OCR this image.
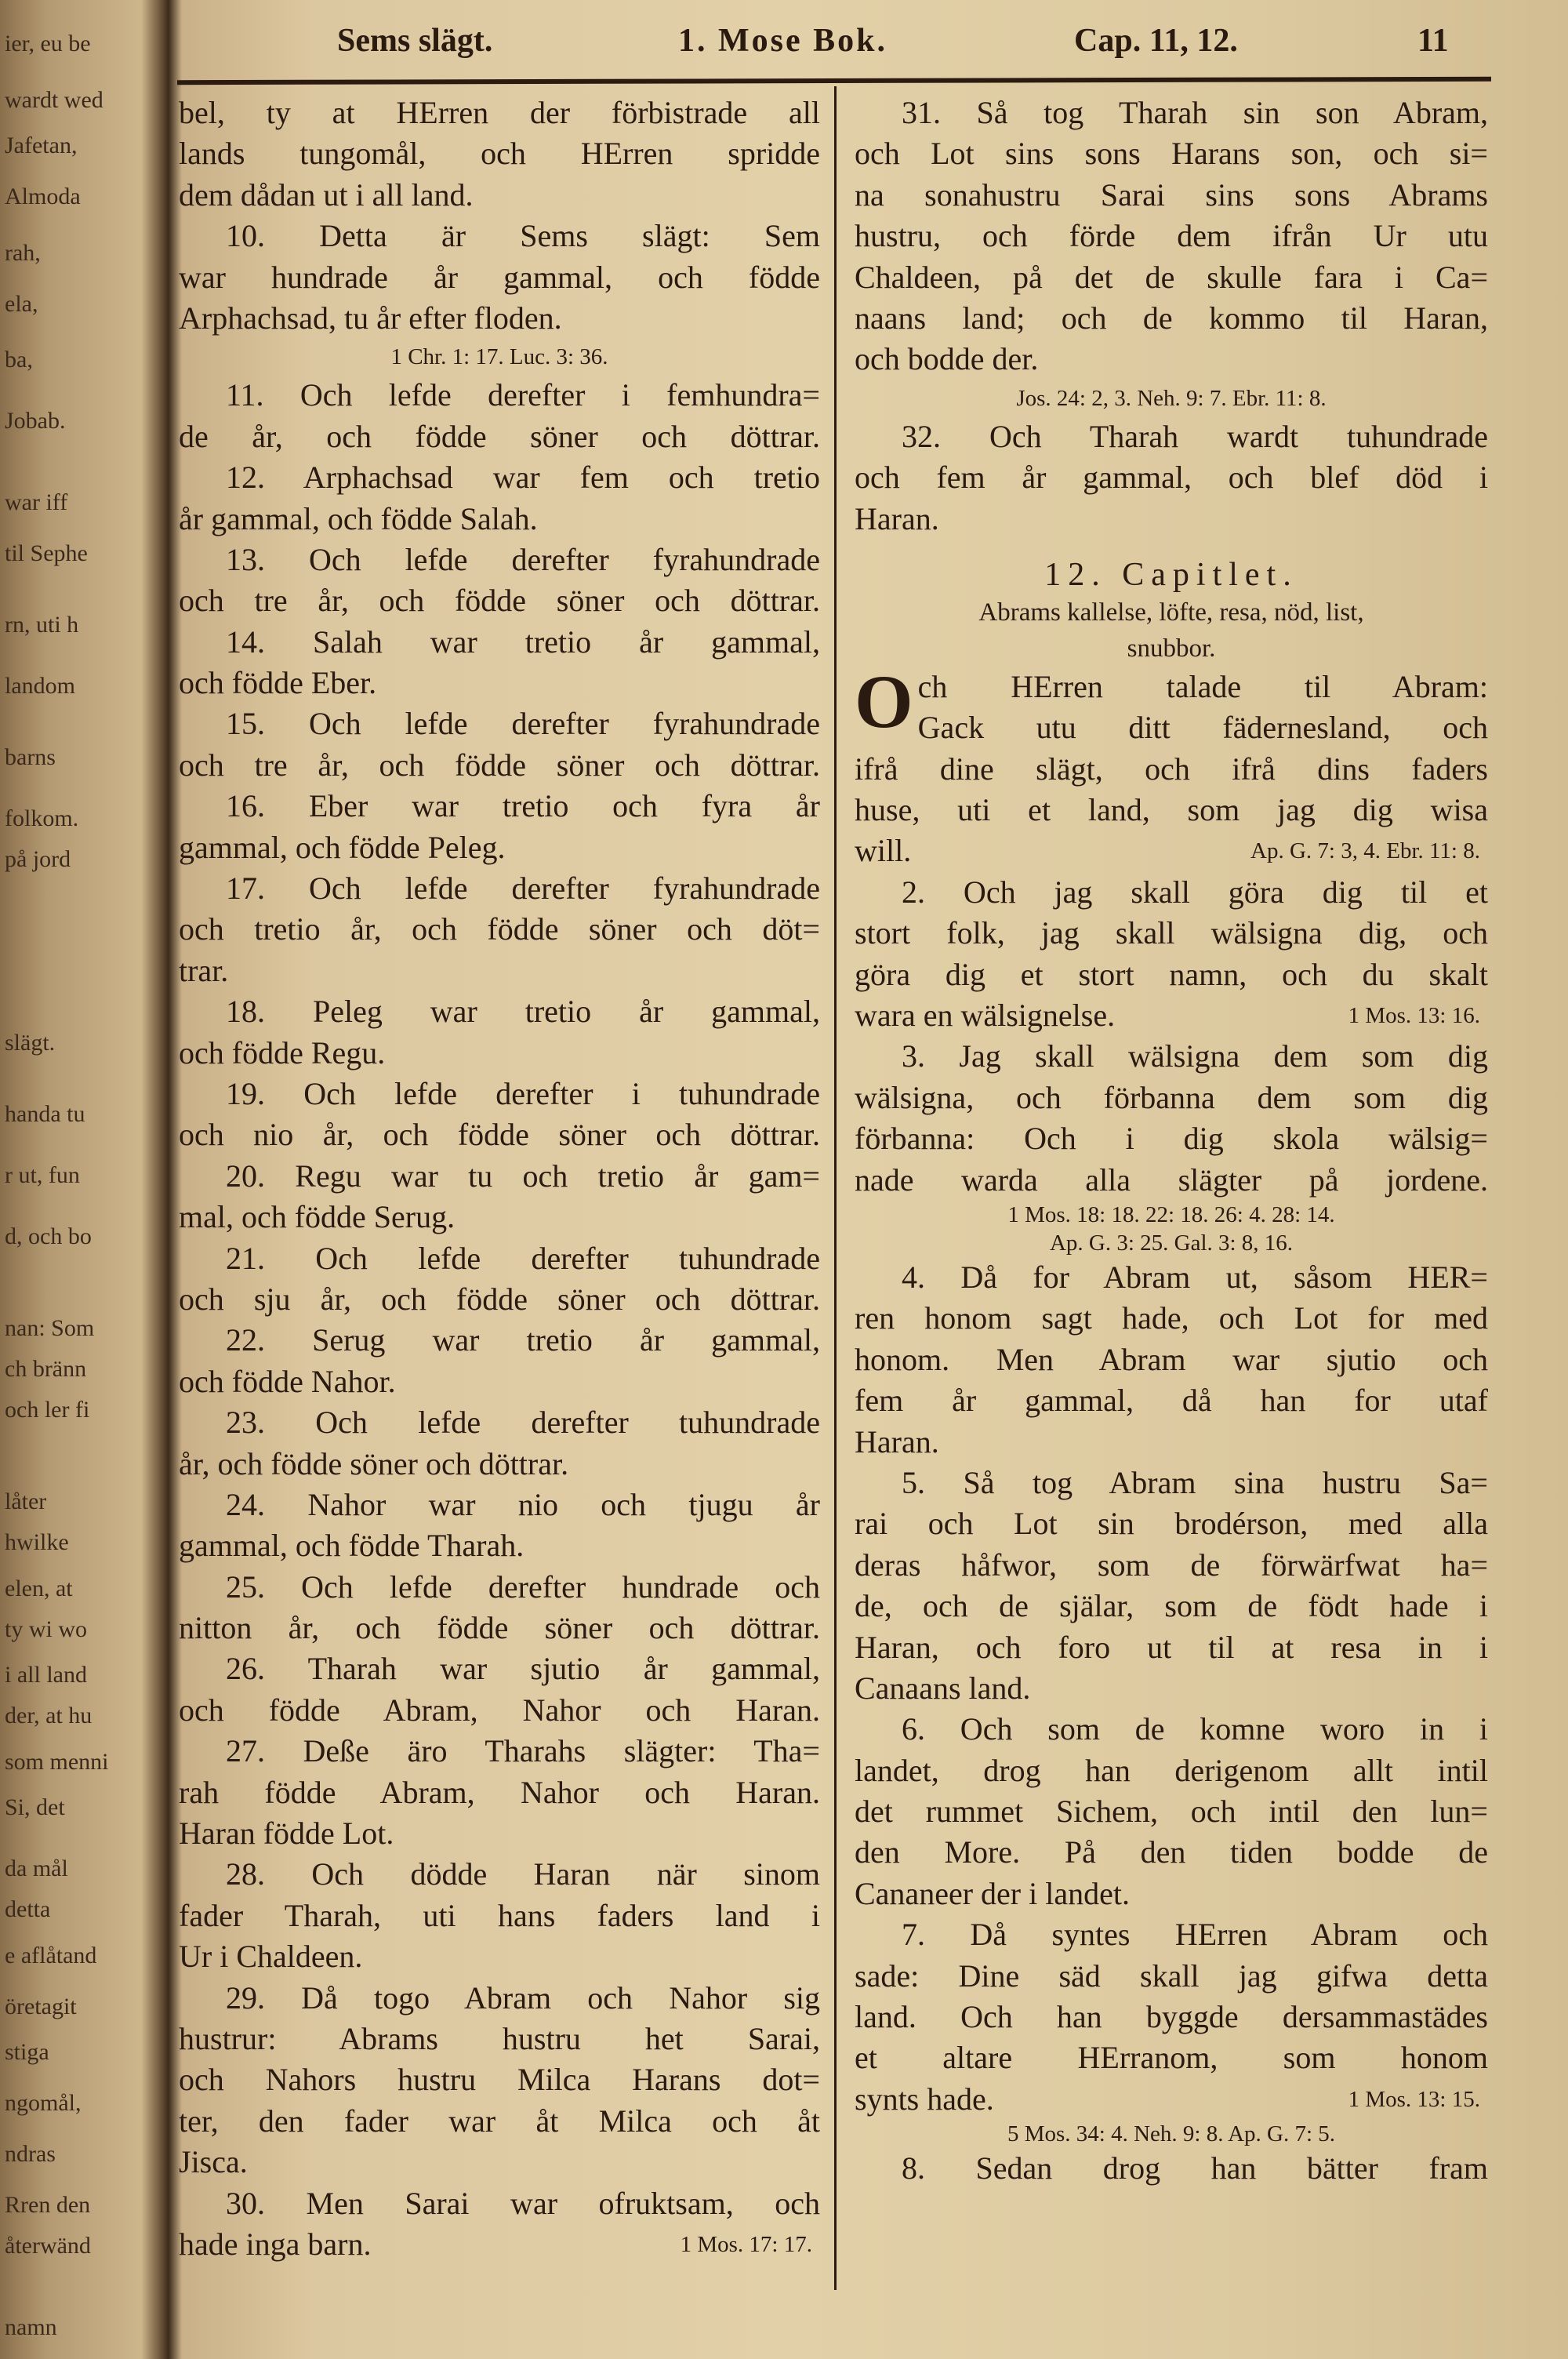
Sems slägt.	1. Mose Bok.	Cap. 11, 12.	11
bel, ty at HErren der förbistrade all
lands tungomål, och HErren spridde
dem dådan ut i all land.
10. Detta är Sems slägt: Sem
war hundrade år gammal, och födde
Arphachsad, tu år efter floden.
1 Chr. 1: 17. Luc. 3: 36.
11. Och lefde derefter i femhundra=
de år, och födde söner och döttrar.
12. Arphachsad war fem och tretio
år gammal, och födde Salah.
13. Och lefde derefter fyrahundrade
och tre år, och födde söner och döttrar.
14. Salah war tretio år gammal,
och födde Eber.
15. Och lefde derefter fyrahundrade
och tre år, och födde söner och döttrar.
16. Eber war tretio och fyra år
gammal, och födde Peleg.
17. Och lefde derefter fyrahundrade
och tretio år, och födde söner och döt=
trar.
18. Peleg war tretio år gammal,
och födde Regu.
19. Och lefde derefter i tuhundrade
och nio år, och födde söner och döttrar.
20. Regu war tu och tretio år gam=
mal, och födde Serug.
21. Och lefde derefter tuhundrade
och sju år, och födde söner och döttrar.
22. Serug war tretio år gammal,
och födde Nahor.
23. Och lefde derefter tuhundrade
år, och födde söner och döttrar.
24. Nahor war nio och tjugu år
gammal, och födde Tharah.
25. Och lefde derefter hundrade och
nitton år, och födde söner och döttrar.
26. Tharah war sjutio år gammal,
och födde Abram, Nahor och Haran.
27. Deße äro Tharahs slägter: Tha=
rah födde Abram, Nahor och Haran.
Haran födde Lot.
28. Och dödde Haran när sinom
fader Tharah, uti hans faders land i
Ur i Chaldeen.
29. Då togo Abram och Nahor sig
hustrur: Abrams hustru het Sarai,
och Nahors hustru Milca Harans dot=
ter, den fader war åt Milca och åt
Jisca.
30. Men Sarai war ofruktsam, och
hade inga barn.	1 Mos. 17: 17.
31. Så tog Tharah sin son Abram,
och Lot sins sons Harans son, och si=
na sonahustru Sarai sins sons Abrams
hustru, och förde dem ifrån Ur utu
Chaldeen, på det de skulle fara i Ca=
naans land; och de kommo til Haran,
och bodde der.
Jos. 24: 2, 3. Neh. 9: 7. Ebr. 11: 8.
32. Och Tharah wardt tuhundrade
och fem år gammal, och blef död i
Haran.
12. Capitlet.
Abrams kallelse, löfte, resa, nöd, list,
snubbor.
Och HErren talade til Abram:
Gack utu ditt fädernesland, och
ifrå dine slägt, och ifrå dins faders
huse, uti et land, som jag dig wisa
will.	Ap. G. 7: 3, 4. Ebr. 11: 8.
2. Och jag skall göra dig til et
stort folk, jag skall wälsigna dig, och
göra dig et stort namn, och du skalt
wara en wälsignelse.	1 Mos. 13: 16.
3. Jag skall wälsigna dem som dig
wälsigna, och förbanna dem som dig
förbanna: Och i dig skola wälsig=
nade warda alla slägter på jordene.
1 Mos. 18: 18. 22: 18. 26: 4. 28: 14.
Ap. G. 3: 25. Gal. 3: 8, 16.
4. Då for Abram ut, såsom HER=
ren honom sagt hade, och Lot for med
honom. Men Abram war sjutio och
fem år gammal, då han for utaf
Haran.
5. Så tog Abram sina hustru Sa=
rai och Lot sin brodérson, med alla
deras håfwor, som de förwärfwat ha=
de, och de själar, som de födt hade i
Haran, och foro ut til at resa in i
Canaans land.
6. Och som de komne woro in i
landet, drog han derigenom allt intil
det rummet Sichem, och intil den lun=
den More. På den tiden bodde de
Cananeer der i landet.
7. Då syntes HErren Abram och
sade: Dine säd skall jag gifwa detta
land. Och han byggde dersammastädes
et altare HErranom, som honom
synts hade.	1 Mos. 13: 15.
5 Mos. 34: 4. Neh. 9: 8. Ap. G. 7: 5.
8. Sedan drog han bätter fram
ier, eu be
wardt wed
Jafetan,
Almoda
rah,
ela,
ba,
Jobab.
war iff
til Sephe
rn, uti h
landom
barns
folkom.
på jord
slägt.
handa tu
r ut, fun
d, och bo
nan: Som
ch bränn
och ler fi
låter
hwilke
elen, at
ty wi wo
i all land
der, at hu
som menni
Si, det
da mål
detta
e aflåtand
öretagit
stiga
ngomål,
ndras
Rren den
återwänd
namn
